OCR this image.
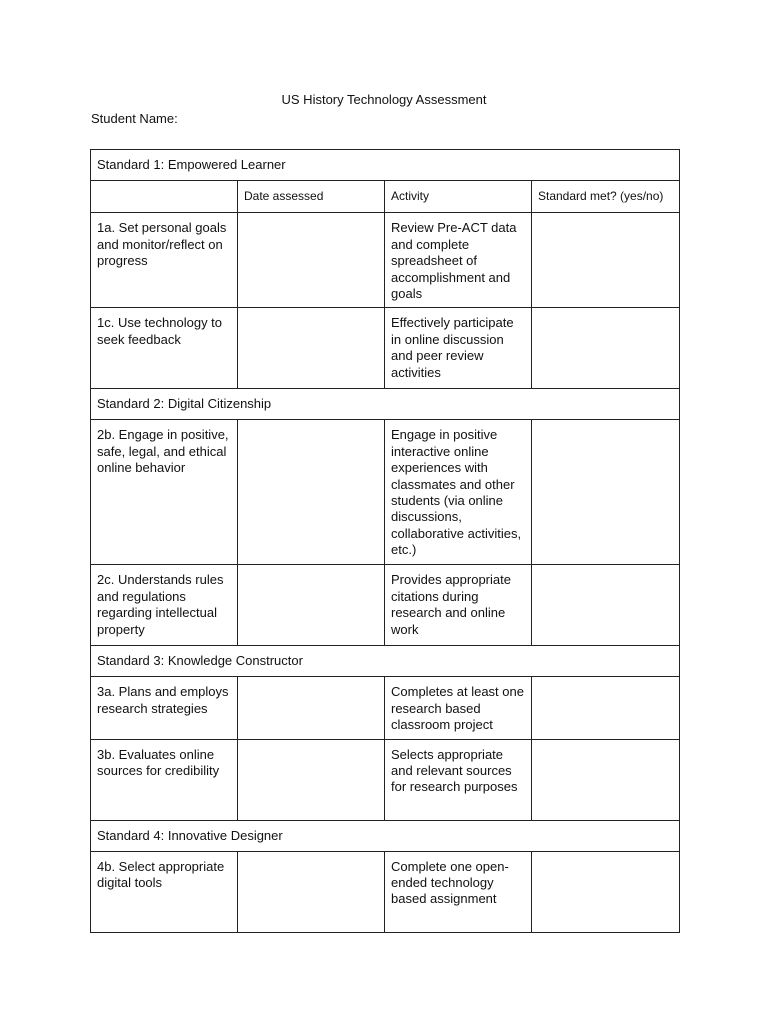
US History Technology Assessment
Student Name:
Standard 1: Empowered Learner			
	Date assessed	Activity	Standard met? (yes/no)
1a. Set personal goals and monitor/reflect on progress		Review Pre-ACT data and complete spreadsheet of accomplishment and goals	
1c. Use technology to seek feedback		Effectively participate in online discussion and peer review activities	
Standard 2: Digital Citizenship			
2b. Engage in positive, safe, legal, and ethical online behavior		Engage in positive interactive online experiences with classmates and other students (via online discussions, collaborative activities, etc.)	
2c. Understands rules and regulations regarding intellectual property		Provides appropriate citations during research and online work	
Standard 3: Knowledge Constructor			
3a. Plans and employs research strategies		Completes at least one research based classroom project	
3b. Evaluates online sources for credibility		Selects appropriate and relevant sources for research purposes	
Standard 4: Innovative Designer			
4b. Select appropriate digital tools		Complete one open-ended technology based assignment	
